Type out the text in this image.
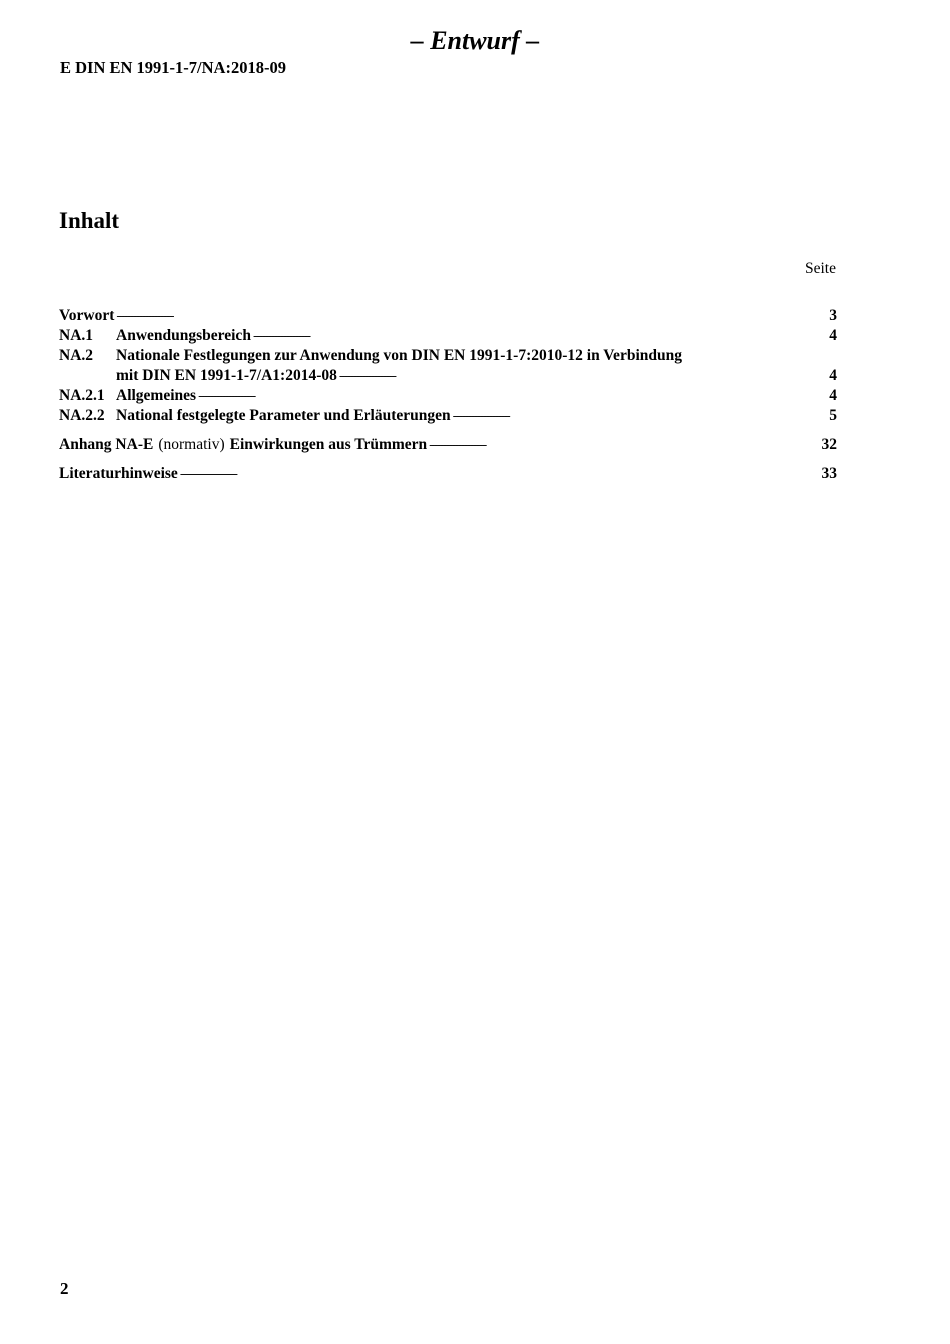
– Entwurf –
E DIN EN 1991-1-7/NA:2018-09
Inhalt
Seite
Vorwort . . .	3
NA.1	Anwendungsbereich . . .	4
NA.2	Nationale Festlegungen zur Anwendung von DIN EN 1991-1-7:2010-12 in Verbindung
mit DIN EN 1991-1-7/A1:2014-08 . . .	4
NA.2.1 Allgemeines . . .	4
NA.2.2 National festgelegte Parameter und Erläuterungen . . .	5
Anhang NA-E (normativ) Einwirkungen aus Trümmern . . .	32
Literaturhinweise . . .	33
2
